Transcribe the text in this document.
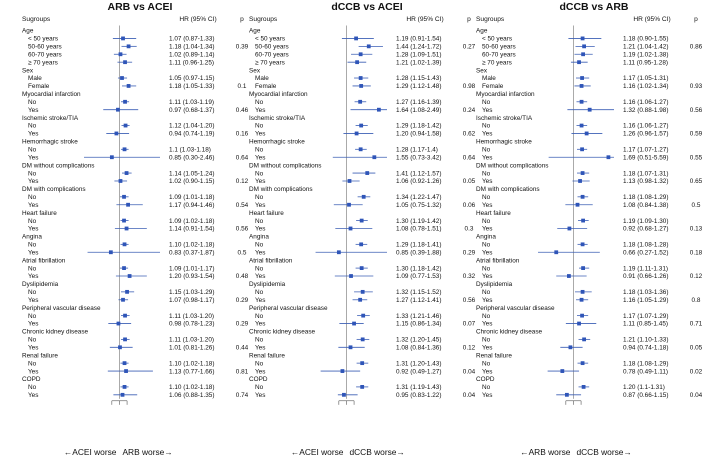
ARB vs ACEI
Sugroups	HR (95% CI)	p
Age
< 50 years	1.07 (0.87-1.33)
50-60 years	1.18 (1.04-1.34)	0.39
60-70 years	1.02 (0.89-1.14)
≥ 70 years	1.11 (0.96-1.25)
Sex
Male	1.05 (0.97-1.15)
Female	1.18 (1.05-1.33)	0.1
Myocardial infarction
No	1.11 (1.03-1.19)
Yes	0.97 (0.68-1.37)	0.46
Ischemic stroke/TIA
No	1.12 (1.04-1.20)
Yes	0.94 (0.74-1.19)	0.16
Hemorrhagic stroke
No	1.1 (1.03-1.18)
Yes	0.85 (0.30-2.46)	0.64
DM without complications
No	1.14 (1.05-1.24)
Yes	1.02 (0.90-1.15)	0.12
DM with complications
No	1.09 (1.01-1.18)
Yes	1.17 (0.94-1.46)	0.54
Heart failure
No	1.09 (1.02-1.18)
Yes	1.14 (0.91-1.54)	0.56
Angina
No	1.10 (1.02-1.18)
Yes	0.83 (0.37-1.87)	0.5
Atrial fibrillation
No	1.09 (1.01-1.17)
Yes	1.20 (0.93-1.54)	0.48
Dyslipidemia
No	1.15 (1.03-1.29)
Yes	1.07 (0.98-1.17)	0.29
Peripheral vascular disease
No	1.11 (1.03-1.20)
Yes	0.98 (0.78-1.23)	0.29
Chronic kidney disease
No	1.11 (1.03-1.20)
Yes	1.01 (0.81-1.26)	0.44
Renal failure
No	1.10 (1.02-1.18)
Yes	1.13 (0.77-1.66)	0.81
COPD
No	1.10 (1.02-1.18)
Yes	1.06 (0.88-1.35)	0.74
←ACEI worse ARB worse→
dCCB vs ACEI
Sugroups	HR (95% CI)	p
Age
< 50 years	1.19 (0.91-1.54)
50-60 years	1.44 (1.24-1.72)	0.27
60-70 years	1.28 (1.09-1.51)
≥ 70 years	1.21 (1.02-1.39)
Sex
Male	1.28 (1.15-1.43)
Female	1.29 (1.12-1.48)	0.98
Myocardial infarction
No	1.27 (1.16-1.39)
Yes	1.64 (1.08-2.49)	0.24
Ischemic stroke/TIA
No	1.29 (1.18-1.42)
Yes	1.20 (0.94-1.58)	0.62
Hemorrhagic stroke
No	1.28 (1.17-1.4)
Yes	1.55 (0.73-3.42)	0.64
DM without complications
No	1.41 (1.12-1.57)
Yes	1.06 (0.92-1.26)	0.05
DM with complications
No	1.34 (1.22-1.47)
Yes	1.05 (0.75-1.32)	0.06
Heart failure
No	1.30 (1.19-1.42)
Yes	1.08 (0.78-1.51)	0.3
Angina
No	1.29 (1.18-1.41)
Yes	0.85 (0.39-1.88)	0.29
Atrial fibrillation
No	1.30 (1.18-1.42)
Yes	1.09 (0.77-1.53)	0.32
Dyslipidemia
No	1.32 (1.15-1.52)
Yes	1.27 (1.12-1.41)	0.56
Peripheral vascular disease
No	1.33 (1.21-1.46)
Yes	1.15 (0.86-1.34)	0.07
Chronic kidney disease
No	1.32 (1.20-1.45)
Yes	1.08 (0.84-1.36)	0.12
Renal failure
No	1.31 (1.20-1.43)
Yes	0.92 (0.49-1.27)	0.04
COPD
No	1.31 (1.19-1.43)
Yes	0.95 (0.83-1.22)	0.04
←ACEI worse dCCB worse→
dCCB vs ARB
Sugroups	HR (95% CI)	p
Age
< 50 years	1.18 (0.90-1.55)
50-60 years	1.21 (1.04-1.42)	0.86
60-70 years	1.19 (1.02-1.38)
≥ 70 years	1.11 (0.95-1.28)
Sex
Male	1.17 (1.05-1.31)
Female	1.16 (1.02-1.34)	0.93
Myocardial infarction
No	1.16 (1.06-1.27)
Yes	1.32 (0.88-1.98)	0.56
Ischemic stroke/TIA
No	1.16 (1.06-1.27)
Yes	1.26 (0.96-1.57)	0.59
Hemorrhagic stroke
No	1.17 (1.07-1.27)
Yes	1.69 (0.51-5.59)	0.55
DM without complications
No	1.18 (1.07-1.31)
Yes	1.13 (0.98-1.32)	0.65
DM with complications
No	1.18 (1.08-1.29)
Yes	1.08 (0.84-1.38)	0.5
Heart failure
No	1.19 (1.09-1.30)
Yes	0.92 (0.68-1.27)	0.13
Angina
No	1.18 (1.08-1.28)
Yes	0.66 (0.27-1.52)	0.18
Atrial fibrillation
No	1.19 (1.11-1.31)
Yes	0.91 (0.66-1.26)	0.12
Dyslipidemia
No	1.18 (1.03-1.36)
Yes	1.16 (1.05-1.29)	0.8
Peripheral vascular disease
No	1.17 (1.07-1.29)
Yes	1.11 (0.85-1.45)	0.71
Chronic kidney disease
No	1.21 (1.10-1.33)
Yes	0.94 (0.74-1.18)	0.05
Renal failure
No	1.18 (1.08-1.29)
Yes	0.78 (0.49-1.11)	0.02
COPD
No	1.20 (1.1-1.31)
Yes	0.87 (0.66-1.15)	0.04
←ARB worse dCCB worse→
